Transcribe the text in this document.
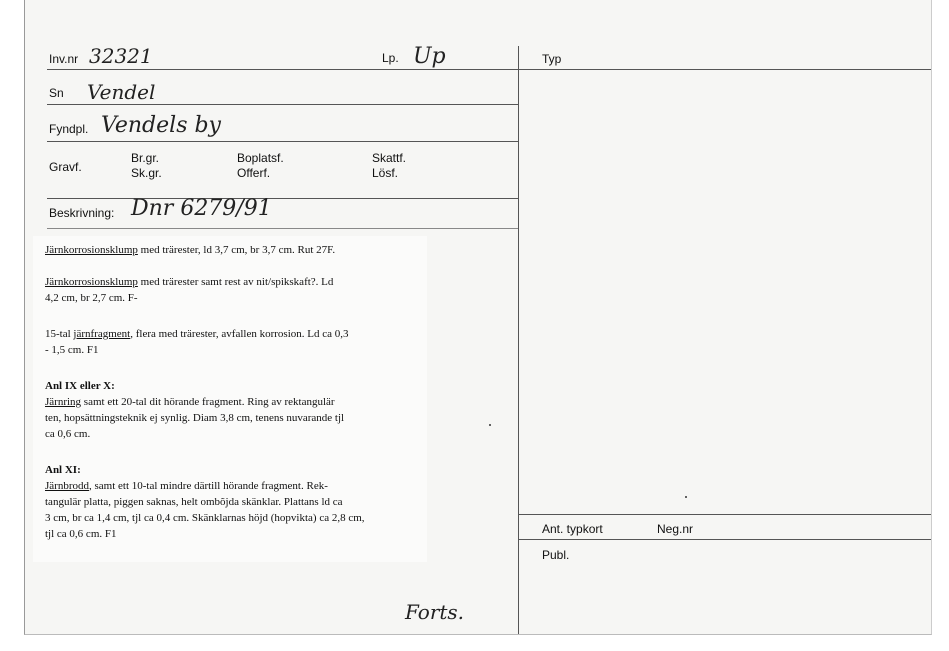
Inv.nr 32321	Lp. Up
Sn Vendel
Fyndpl. Vendels by
Gravf.
Br.gr.
Sk.gr.
Boplatsf.
Offerf.
Skattf.
Lösf.
Beskrivning: Dnr 6279/91
Typ
Ant. typkort	Neg.nr
Publ.
Forts.
Järnkorrosionsklump med trärester, ld 3,7 cm, br 3,7 cm. Rut 27F.
Järnkorrosionsklump med trärester samt rest av nit/spikskaft?. Ld
4,2 cm, br 2,7 cm. F-
15-tal järnfragment, flera med trärester, avfallen korrosion. Ld ca 0,3
- 1,5 cm. F1
Anl IX eller X:
Järnring samt ett 20-tal dit hörande fragment. Ring av rektangulär
ten, hopsättningsteknik ej synlig. Diam 3,8 cm, tenens nuvarande tjl
ca 0,6 cm.
Anl XI:
Järnbrodd, samt ett 10-tal mindre därtill hörande fragment. Rek-
tangulär platta, piggen saknas, helt ombõjda skänklar. Plattans ld ca
3 cm, br ca 1,4 cm, tjl ca 0,4 cm. Skänklarnas höjd (hopvikta) ca 2,8 cm,
tjl ca 0,6 cm. F1
